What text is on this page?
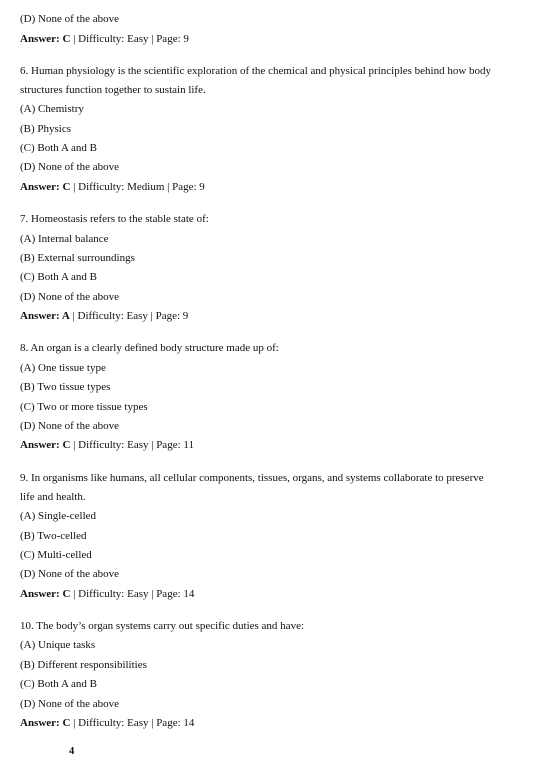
(D) None of the above
Answer: C | Difficulty: Easy | Page: 9
6. Human physiology is the scientific exploration of the chemical and physical principles behind how body
structures function together to sustain life.
(A) Chemistry
(B) Physics
(C) Both A and B
(D) None of the above
Answer: C | Difficulty: Medium | Page: 9
7. Homeostasis refers to the stable state of:
(A) Internal balance
(B) External surroundings
(C) Both A and B
(D) None of the above
Answer: A | Difficulty: Easy | Page: 9
8. An organ is a clearly defined body structure made up of:
(A) One tissue type
(B) Two tissue types
(C) Two or more tissue types
(D) None of the above
Answer: C | Difficulty: Easy | Page: 11
9. In organisms like humans, all cellular components, tissues, organs, and systems collaborate to preserve
life and health.
(A) Single-celled
(B) Two-celled
(C) Multi-celled
(D) None of the above
Answer: C | Difficulty: Easy | Page: 14
10. The body’s organ systems carry out specific duties and have:
(A) Unique tasks
(B) Different responsibilities
(C) Both A and B
(D) None of the above
Answer: C | Difficulty: Easy | Page: 14
4
